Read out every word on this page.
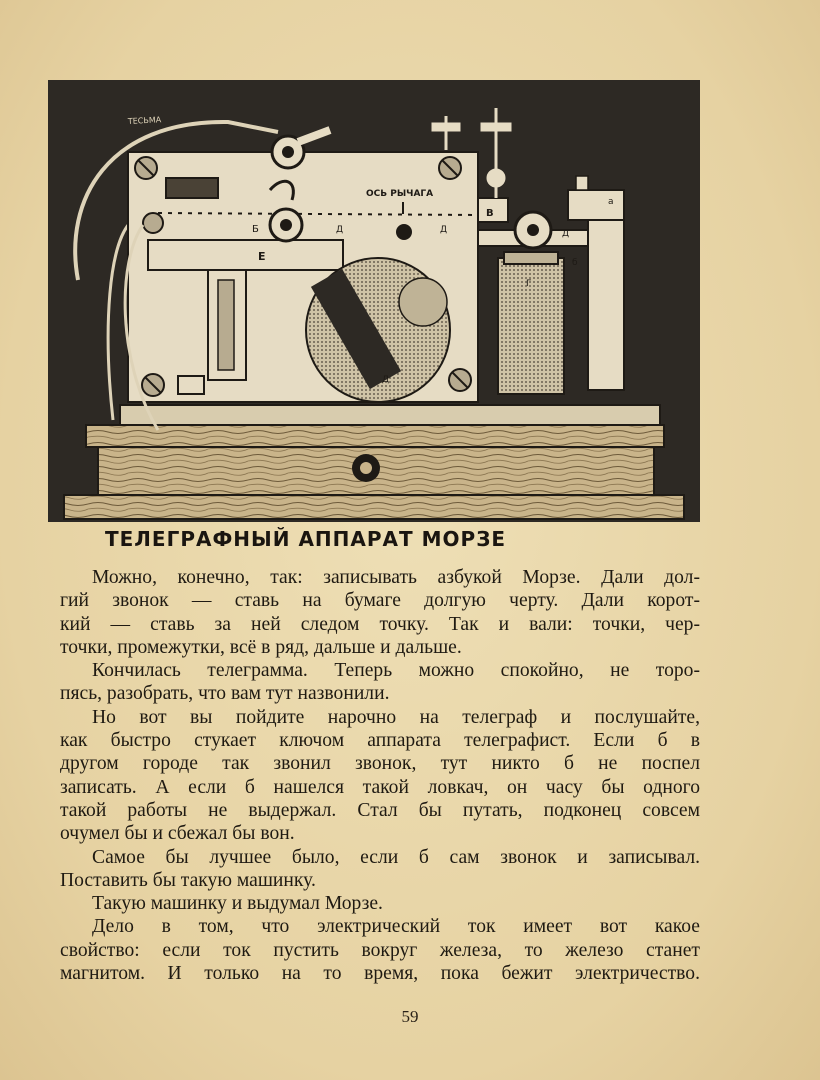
ТЕСЬМА
Е
Б
ОСЬ РЫЧАГА
Д	Д
Д
Г
Д
В
а
б
ТЕЛЕГРАФНЫЙ АППАРАТ МОРЗЕ
Можно, конечно, так: записывать азбукой Морзе. Дали дол-
гий звонок — ставь на бумаге долгую черту. Дали корот-
кий — ставь за ней следом точку. Так и вали: точки, чер-
точки, промежутки, всё в ряд, дальше и дальше.
Кончилась телеграмма. Теперь можно спокойно, не торо-
пясь, разобрать, что вам тут назвонили.
Но вот вы пойдите нарочно на телеграф и послушайте,
как быстро стукает ключом аппарата телеграфист. Если б в
другом городе так звонил звонок, тут никто б не поспел
записать. А если б нашелся такой ловкач, он часу бы одного
такой работы не выдержал. Стал бы путать, подконец совсем
очумел бы и сбежал бы вон.
Самое бы лучшее было, если б сам звонок и записывал.
Поставить бы такую машинку.
Такую машинку и выдумал Морзе.
Дело в том, что электрический ток имеет вот какое
свойство: если ток пустить вокруг железа, то железо станет
магнитом. И только на то время, пока бежит электричество.
59
